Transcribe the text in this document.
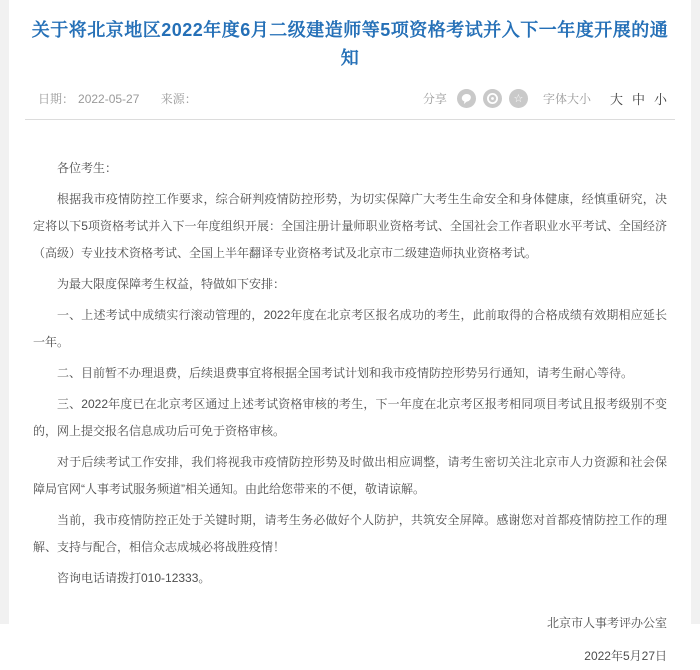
关于将北京地区2022年度6月二级建造师等5项资格考试并入下一年度开展的通知
日期： 2022-05-27 来源：	分享	☆ 字体大小 大 中 小

各位考生：

根据我市疫情防控工作要求，综合研判疫情防控形势，为切实保障广大考生生命安全和身体健康，经慎重研究，决定将以下5项资格考试并入下一年度组织开展：全国注册计量师职业资格考试、全国社会工作者职业水平考试、全国经济（高级）专业技术资格考试、全国上半年翻译专业资格考试及北京市二级建造师执业资格考试。

为最大限度保障考生权益，特做如下安排：

一、上述考试中成绩实行滚动管理的，2022年度在北京考区报名成功的考生，此前取得的合格成绩有效期相应延长一年。

二、目前暂不办理退费，后续退费事宜将根据全国考试计划和我市疫情防控形势另行通知，请考生耐心等待。

三、2022年度已在北京考区通过上述考试资格审核的考生，下一年度在北京考区报考相同项目考试且报考级别不变的，网上提交报名信息成功后可免于资格审核。

对于后续考试工作安排，我们将视我市疫情防控形势及时做出相应调整，请考生密切关注北京市人力资源和社会保障局官网“人事考试服务频道”相关通知。由此给您带来的不便，敬请谅解。

当前，我市疫情防控正处于关键时期，请考生务必做好个人防护，共筑安全屏障。感谢您对首都疫情防控工作的理解、支持与配合，相信众志成城必将战胜疫情！

咨询电话请拨打010-12333。

北京市人事考评办公室

2022年5月27日
